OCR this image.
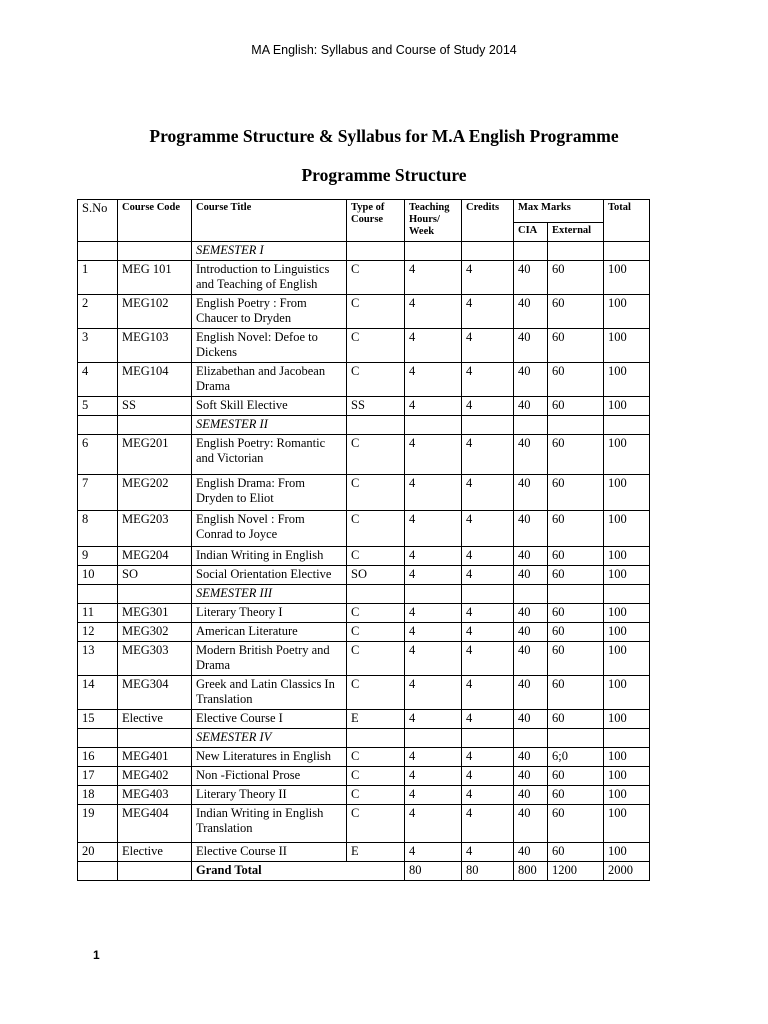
MA English: Syllabus and Course of Study 2014
Programme Structure & Syllabus for M.A English Programme
Programme Structure
S.No	Course Code	Course Title	Type of Course	Teaching Hours/ Week	Credits	Max Marks		Total
						CIA	External	
		SEMESTER I						
1	MEG 101	Introduction to Linguistics and Teaching of English	C	4	4	40	60	100
2	MEG102	English Poetry : From Chaucer to Dryden	C	4	4	40	60	100
3	MEG103	English Novel: Defoe to Dickens	C	4	4	40	60	100
4	MEG104	Elizabethan and Jacobean Drama	C	4	4	40	60	100
5	SS	Soft Skill Elective	SS	4	4	40	60	100
		SEMESTER II						
6	MEG201	English Poetry: Romantic and Victorian	C	4	4	40	60	100
7	MEG202	English Drama: From Dryden to Eliot	C	4	4	40	60	100
8	MEG203	English Novel : From Conrad to Joyce	C	4	4	40	60	100
9	MEG204	Indian Writing in English	C	4	4	40	60	100
10	SO	Social Orientation Elective	SO	4	4	40	60	100
		SEMESTER III						
11	MEG301	Literary Theory I	C	4	4	40	60	100
12	MEG302	American Literature	C	4	4	40	60	100
13	MEG303	Modern British Poetry and Drama	C	4	4	40	60	100
14	MEG304	Greek and Latin Classics In Translation	C	4	4	40	60	100
15	Elective	Elective Course I	E	4	4	40	60	100
		SEMESTER IV						
16	MEG401	New Literatures in English	C	4	4	40	6;0	100
17	MEG402	Non -Fictional Prose	C	4	4	40	60	100
18	MEG403	Literary Theory II	C	4	4	40	60	100
19	MEG404	Indian Writing in English Translation	C	4	4	40	60	100
20	Elective	Elective Course II	E	4	4	40	60	100
		Grand Total		80	80	800	1200	2000
1
